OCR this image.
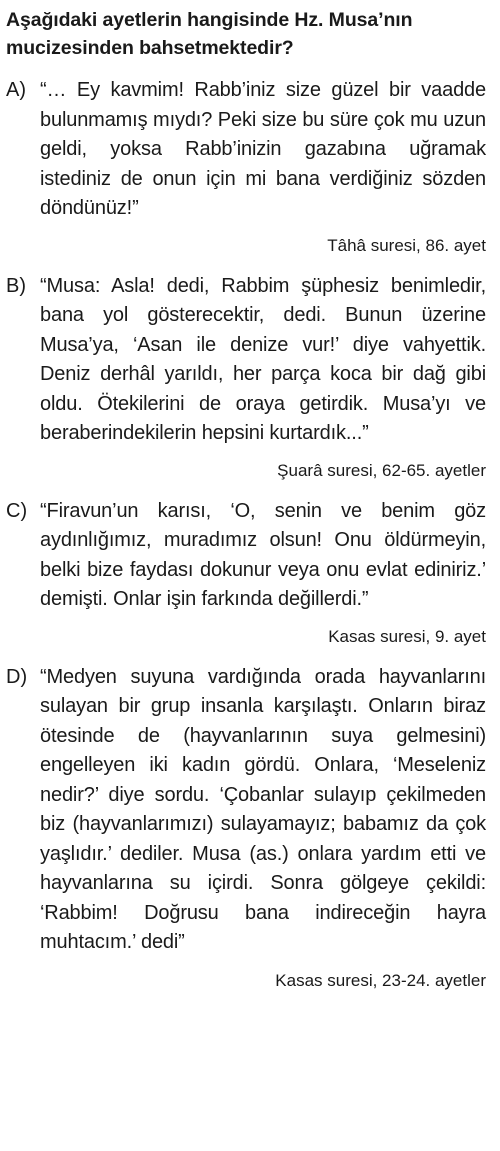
Aşağıdaki ayetlerin hangisinde Hz. Musa’nın mucizesinden bahsetmektedir?
A) “… Ey kavmim! Rabb’iniz size güzel bir vaadde bulunmamış mıydı? Peki size bu süre çok mu uzun geldi, yoksa Rabb’inizin gazabına uğramak istediniz de onun için mi bana verdiğiniz sözden döndünüz!”
Tâhâ suresi, 86. ayet
B) “Musa: Asla! dedi, Rabbim şüphesiz benimledir, bana yol gösterecektir, dedi. Bunun üzerine Musa’ya, ‘Asan ile denize vur!’ diye vahyettik. Deniz derhâl yarıldı, her parça koca bir dağ gibi oldu. Ötekilerini de oraya getirdik. Musa’yı ve beraberindekilerin hepsini kurtardık...”
Şuarâ suresi, 62-65. ayetler
C) “Firavun’un karısı, ‘O, senin ve benim göz aydınlığımız, muradımız olsun! Onu öldürmeyin, belki bize faydası dokunur veya onu evlat ediniriz.’ demişti. Onlar işin farkında değillerdi.”
Kasas suresi, 9. ayet
D) “Medyen suyuna vardığında orada hayvanlarını sulayan bir grup insanla karşılaştı. Onların biraz ötesinde de (hayvanlarının suya gelmesini) engelleyen iki kadın gördü. Onlara, ‘Meseleniz nedir?’ diye sordu. ‘Çobanlar sulayıp çekilmeden biz (hayvanlarımızı) sulayamayız; babamız da çok yaşlıdır.’ dediler. Musa (as.) onlara yardım etti ve hayvanlarına su içirdi. Sonra gölgeye çekildi: ‘Rabbim! Doğrusu bana indireceğin hayra muhtacım.’ dedi”
Kasas suresi, 23-24. ayetler
